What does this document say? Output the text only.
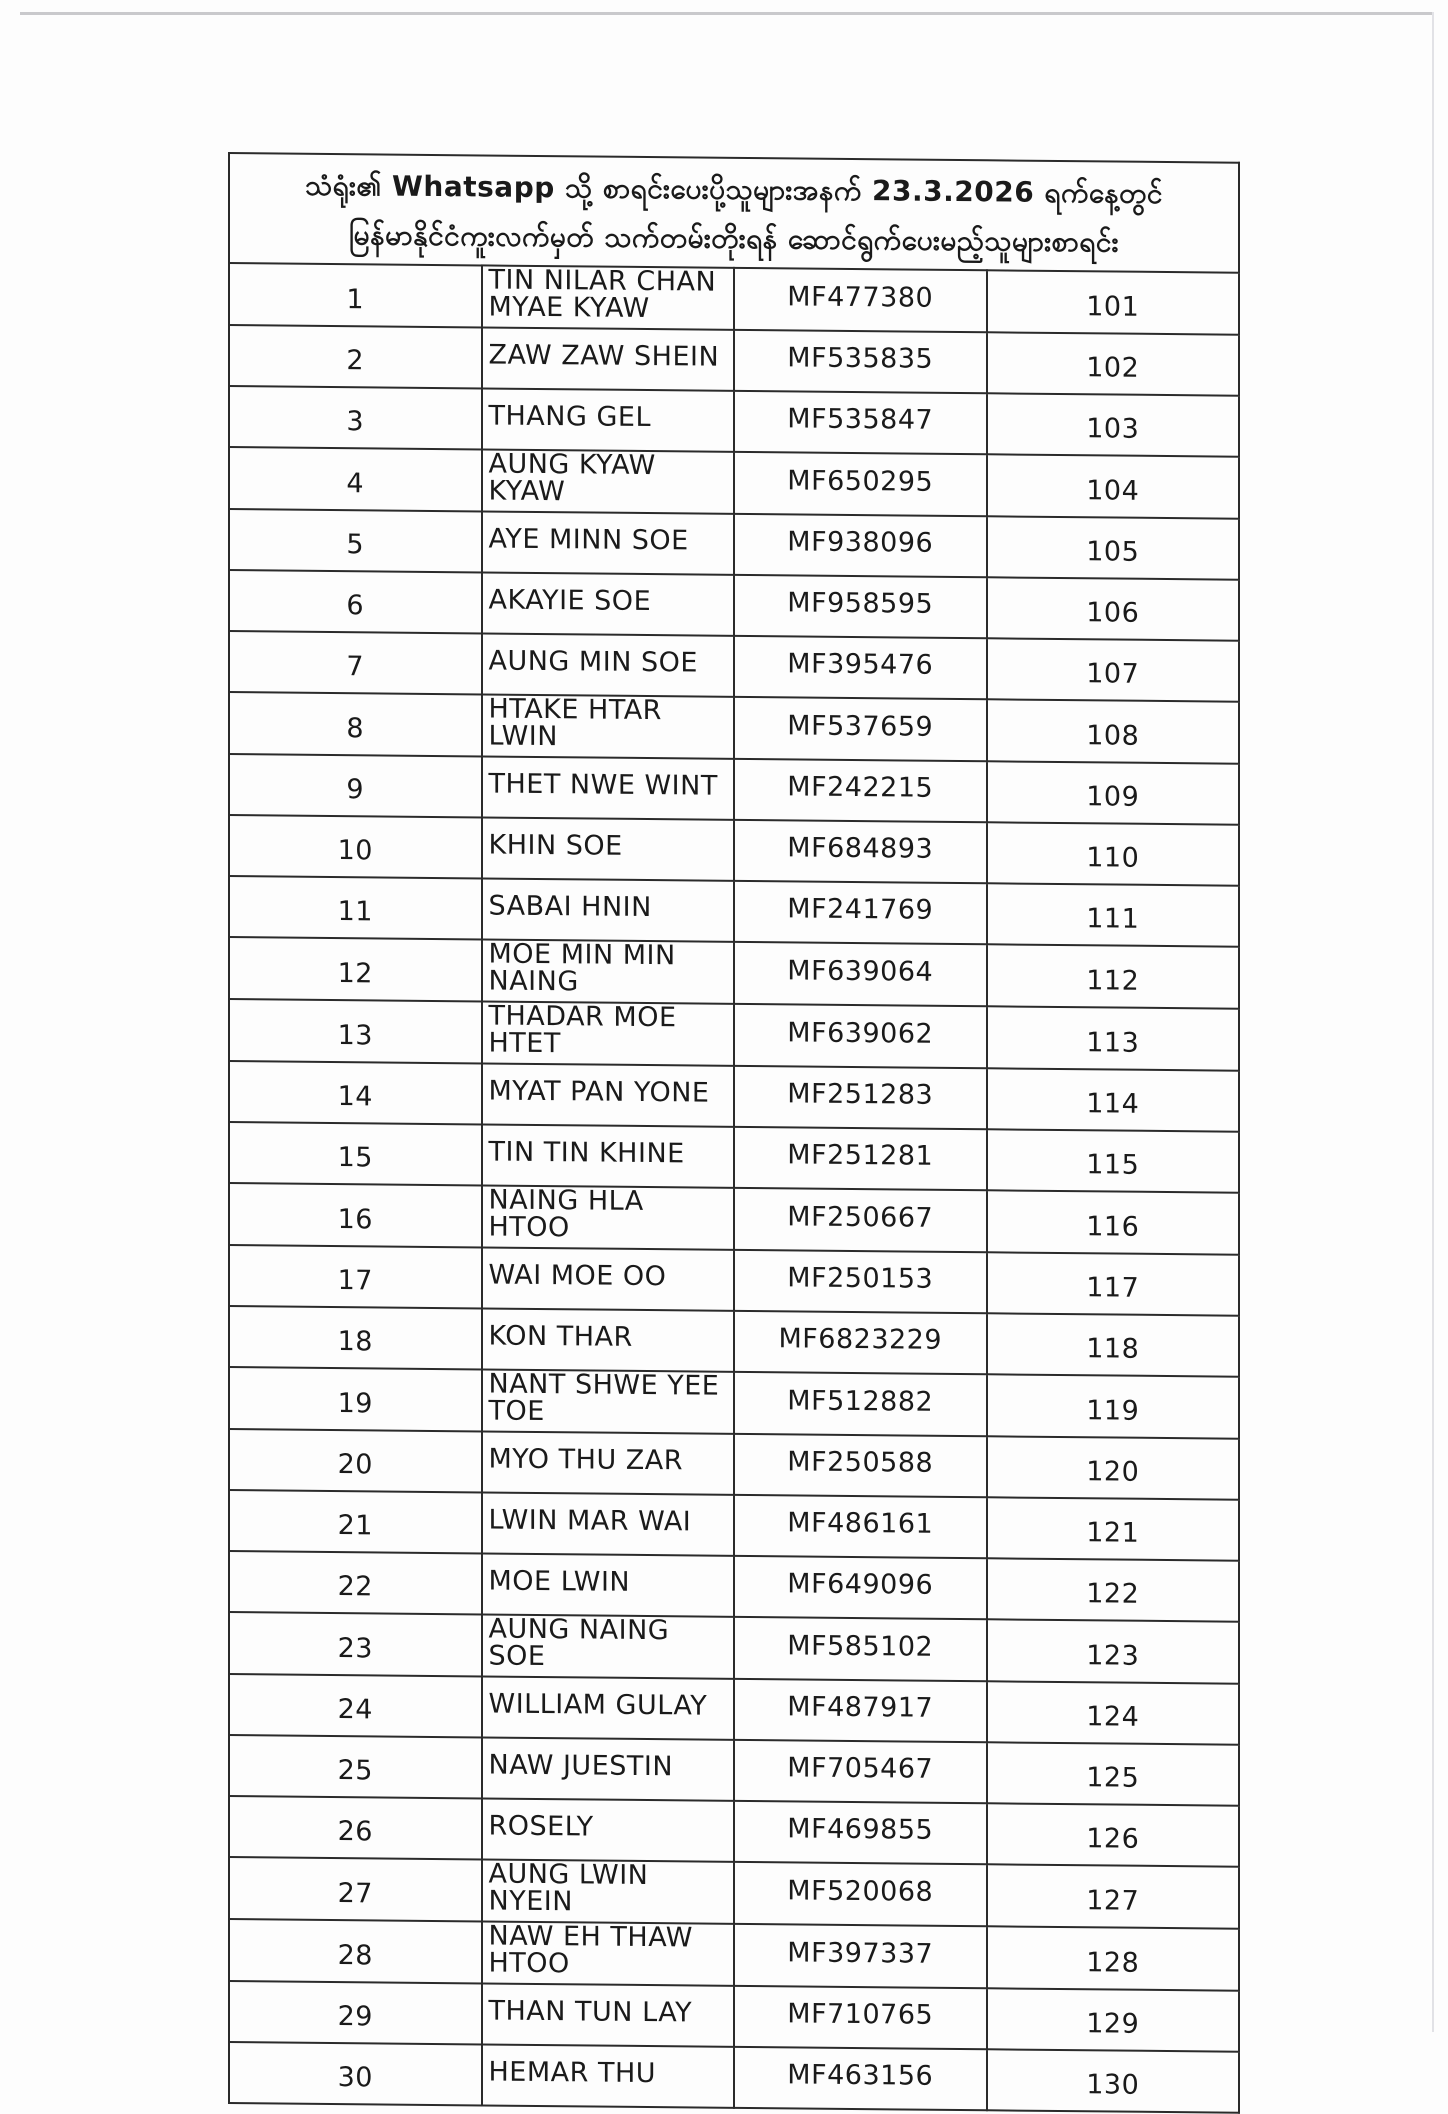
သံရုံး၏ Whatsapp သို့ စာရင်းပေးပို့သူများအနက် 23.3.2026 ရက်နေ့တွင်
မြန်မာနိုင်ငံကူးလက်မှတ် သက်တမ်းတိုးရန် ဆောင်ရွက်ပေးမည့်သူများစာရင်း			

1	TIN NILAR CHAN MYAE KYAW	MF477380	101
2	ZAW ZAW SHEIN	MF535835	102
3	THANG GEL	MF535847	103
4	AUNG KYAW KYAW	MF650295	104
5	AYE MINN SOE	MF938096	105
6	AKAYIE SOE	MF958595	106
7	AUNG MIN SOE	MF395476	107
8	HTAKE HTAR LWIN	MF537659	108
9	THET NWE WINT	MF242215	109
10	KHIN SOE	MF684893	110
11	SABAI HNIN	MF241769	111
12	MOE MIN MIN NAING	MF639064	112
13	THADAR MOE HTET	MF639062	113
14	MYAT PAN YONE	MF251283	114
15	TIN TIN KHINE	MF251281	115
16	NAING HLA HTOO	MF250667	116
17	WAI MOE OO	MF250153	117
18	KON THAR	MF6823229	118
19	NANT SHWE YEE TOE	MF512882	119
20	MYO THU ZAR	MF250588	120
21	LWIN MAR WAI	MF486161	121
22	MOE LWIN	MF649096	122
23	AUNG NAING SOE	MF585102	123
24	WILLIAM GULAY	MF487917	124
25	NAW JUESTIN	MF705467	125
26	ROSELY	MF469855	126
27	AUNG LWIN NYEIN	MF520068	127
28	NAW EH THAW HTOO	MF397337	128
29	THAN TUN LAY	MF710765	129
30	HEMAR THU	MF463156	130
